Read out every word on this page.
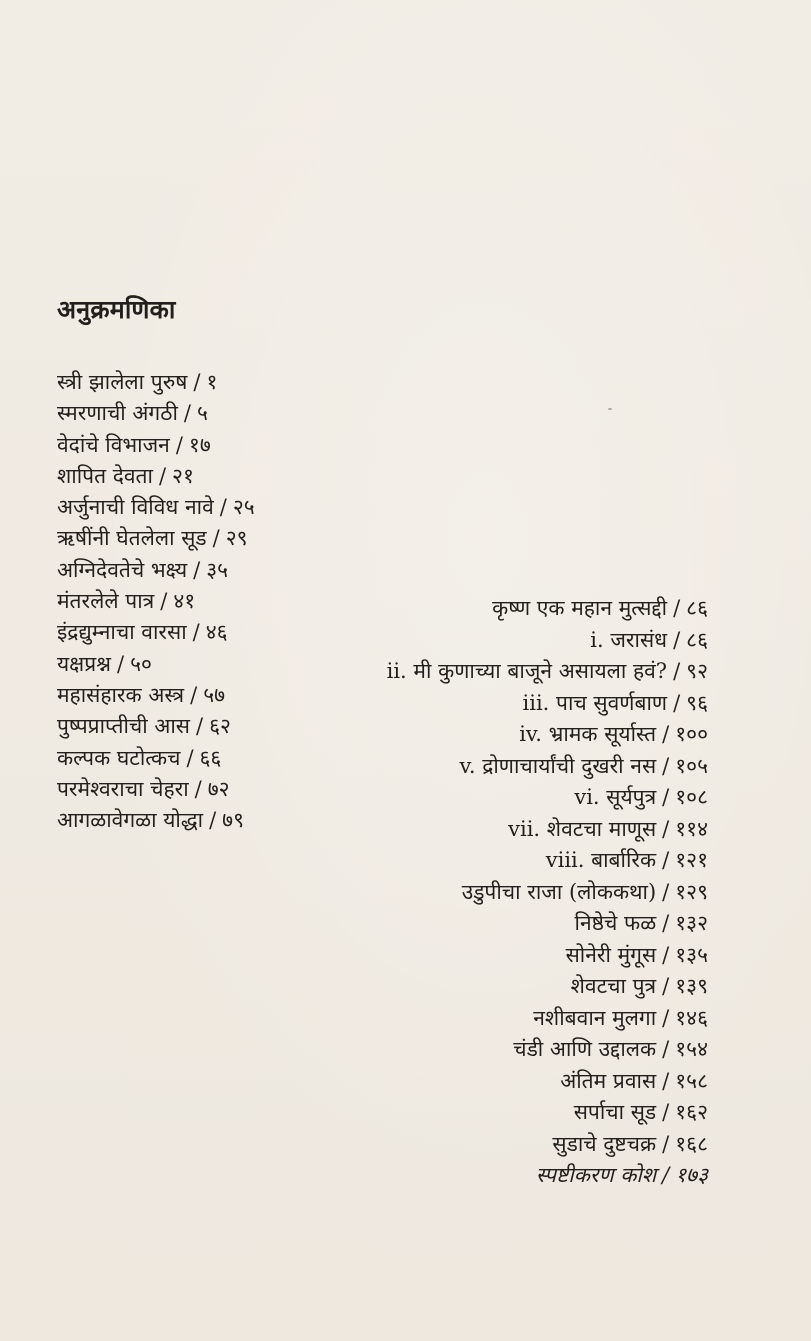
अनुक्रमणिका
स्त्री झालेला पुरुष / १
स्मरणाची अंगठी / ५
वेदांचे विभाजन / १७
शापित देवता / २१
अर्जुनाची विविध नावे / २५
ऋषींनी घेतलेला सूड / २९
अग्निदेवतेचे भक्ष्य / ३५
मंतरलेले पात्र / ४१
इंद्रद्युम्नाचा वारसा / ४६
यक्षप्रश्न / ५०
महासंहारक अस्त्र / ५७
पुष्पप्राप्तीची आस / ६२
कल्पक घटोत्कच / ६६
परमेश्वराचा चेहरा / ७२
आगळावेगळा योद्धा / ७९
कृष्ण एक महान मुत्सद्दी / ८६
i. जरासंध / ८६
ii. मी कुणाच्या बाजूने असायला हवं? / ९२
iii. पाच सुवर्णबाण / ९६
iv. भ्रामक सूर्यास्त / १००
v. द्रोणाचार्यांची दुखरी नस / १०५
vi. सूर्यपुत्र / १०८
vii. शेवटचा माणूस / ११४
viii. बार्बारिक / १२१
उडुपीचा राजा (लोककथा) / १२९
निष्ठेचे फळ / १३२
सोनेरी मुंगूस / १३५
शेवटचा पुत्र / १३९
नशीबवान मुलगा / १४६
चंडी आणि उद्दालक / १५४
अंतिम प्रवास / १५८
सर्पाचा सूड / १६२
सुडाचे दुष्टचक्र / १६८
स्पष्टीकरण कोश / १७३
